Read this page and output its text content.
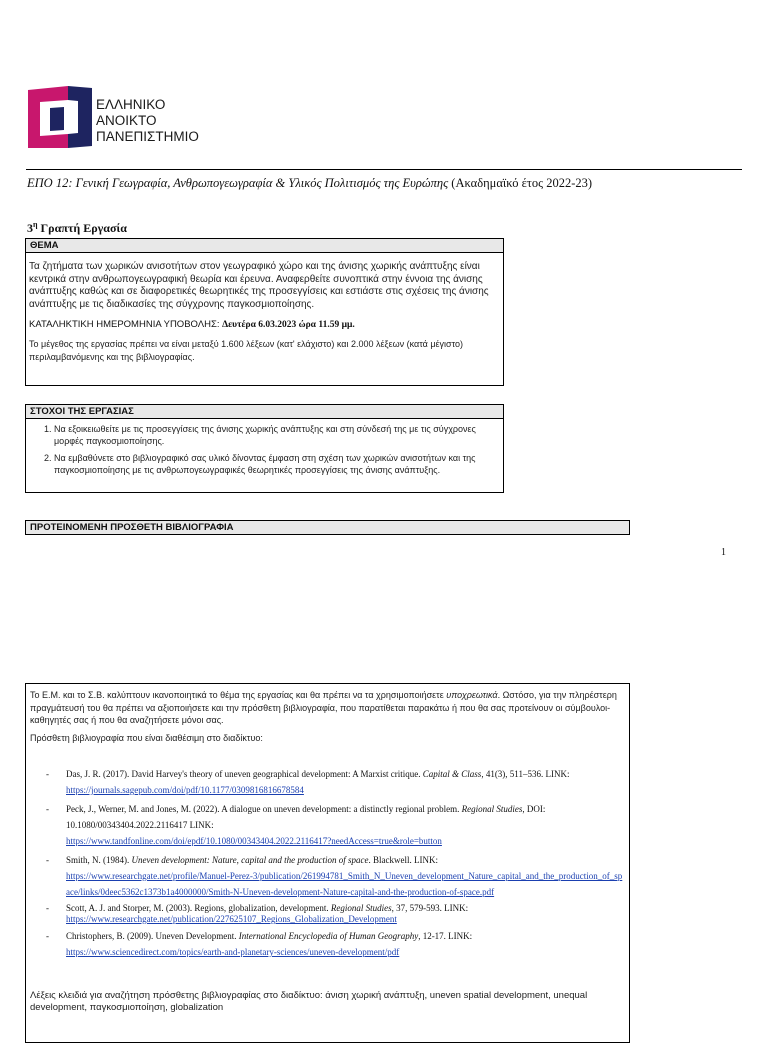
ΕΛΛΗΝΙΚΟ
ΑΝΟΙΚΤΟ
ΠΑΝΕΠΙΣΤΗΜΙΟ
ΕΠΟ 12: Γενική Γεωγραφία, Ανθρωπογεωγραφία & Υλικός Πολιτισμός της Ευρώπης (Ακαδημαϊκό έτος 2022-23)
$3^\eta$ Γραπτή Εργασία
ΘΕΜΑ
Τα ζητήματα των χωρικών ανισοτήτων στον γεωγραφικό χώρο και της άνισης χωρικής ανάπτυξης είναι κεντρικά στην ανθρωπογεωγραφική θεωρία και έρευνα. Αναφερθείτε συνοπτικά στην έννοια της άνισης ανάπτυξης καθώς και σε διαφορετικές θεωρητικές της προσεγγίσεις και εστιάστε στις σχέσεις της άνισης ανάπτυξης με τις διαδικασίες της σύγχρονης παγκοσμιοποίησης.
ΚΑΤΑΛΗΚΤΙΚΗ ΗΜΕΡΟΜΗΝΙΑ ΥΠΟΒΟΛΗΣ: Δευτέρα 6.03.2023 ώρα 11.59 μμ.
Το μέγεθος της εργασίας πρέπει να είναι μεταξύ 1.600 λέξεων (κατ' ελάχιστο) και 2.000 λέξεων (κατά μέγιστο) περιλαμβανόμενης και της βιβλιογραφίας.
ΣΤΟΧΟΙ ΤΗΣ ΕΡΓΑΣΙΑΣ
1. Να εξοικειωθείτε με τις προσεγγίσεις της άνισης χωρικής ανάπτυξης και στη σύνδεσή της με τις σύγχρονες μορφές παγκοσμιοποίησης.
2. Να εμβαθύνετε στο βιβλιογραφικό σας υλικό δίνοντας έμφαση στη σχέση των χωρικών ανισοτήτων και της παγκοσμιοποίησης με τις ανθρωπογεωγραφικές θεωρητικές προσεγγίσεις της άνισης ανάπτυξης.
ΠΡΟΤΕΙΝΟΜΕΝΗ ΠΡΟΣΘΕΤΗ ΒΙΒΛΙΟΓΡΑΦΙΑ
1
Το Ε.Μ. και το Σ.Β. καλύπτουν ικανοποιητικά το θέμα της εργασίας και θα πρέπει να τα χρησιμοποιήσετε υποχρεωτικά. Ωστόσο, για την πληρέστερη πραγμάτευσή του θα πρέπει να αξιοποιήσετε και την πρόσθετη βιβλιογραφία, που παρατίθεται παρακάτω ή που θα σας προτείνουν οι σύμβουλοι-καθηγητές σας ή που θα αναζητήσετε μόνοι σας.
Πρόσθετη βιβλιογραφία που είναι διαθέσιμη στο διαδίκτυο:
- Das, J. R. (2017). David Harvey's theory of uneven geographical development: A Marxist critique. Capital & Class, 41(3), 511–536. LINK:
https://journals.sagepub.com/doi/pdf/10.1177/0309816816678584
- Peck, J., Werner, M. and Jones, M. (2022). A dialogue on uneven development: a distinctly regional problem. Regional Studies, DOI: 10.1080/00343404.2022.2116417 LINK:
https://www.tandfonline.com/doi/epdf/10.1080/00343404.2022.2116417?needAccess=true&role=button
- Smith, N. (1984). Uneven development: Nature, capital and the production of space. Blackwell. LINK:
https://www.researchgate.net/profile/Manuel-Perez-3/publication/261994781_Smith_N_Uneven_development_Nature_capital_and_the_production_of_space/links/0deec5362c1373b1a4000000/Smith-N-Uneven-development-Nature-capital-and-the-production-of-space.pdf
- Scott, A. J. and Storper, M. (2003). Regions, globalization, development. Regional Studies, 37, 579-593. LINK:
https://www.researchgate.net/publication/227625107_Regions_Globalization_Development
- Christophers, B. (2009). Uneven Development. International Encyclopedia of Human Geography, 12-17. LINK:
https://www.sciencedirect.com/topics/earth-and-planetary-sciences/uneven-development/pdf
Λέξεις κλειδιά για αναζήτηση πρόσθετης βιβλιογραφίας στο διαδίκτυο: άνιση χωρική ανάπτυξη, uneven spatial development, unequal development, παγκοσμιοποίηση, globalization
